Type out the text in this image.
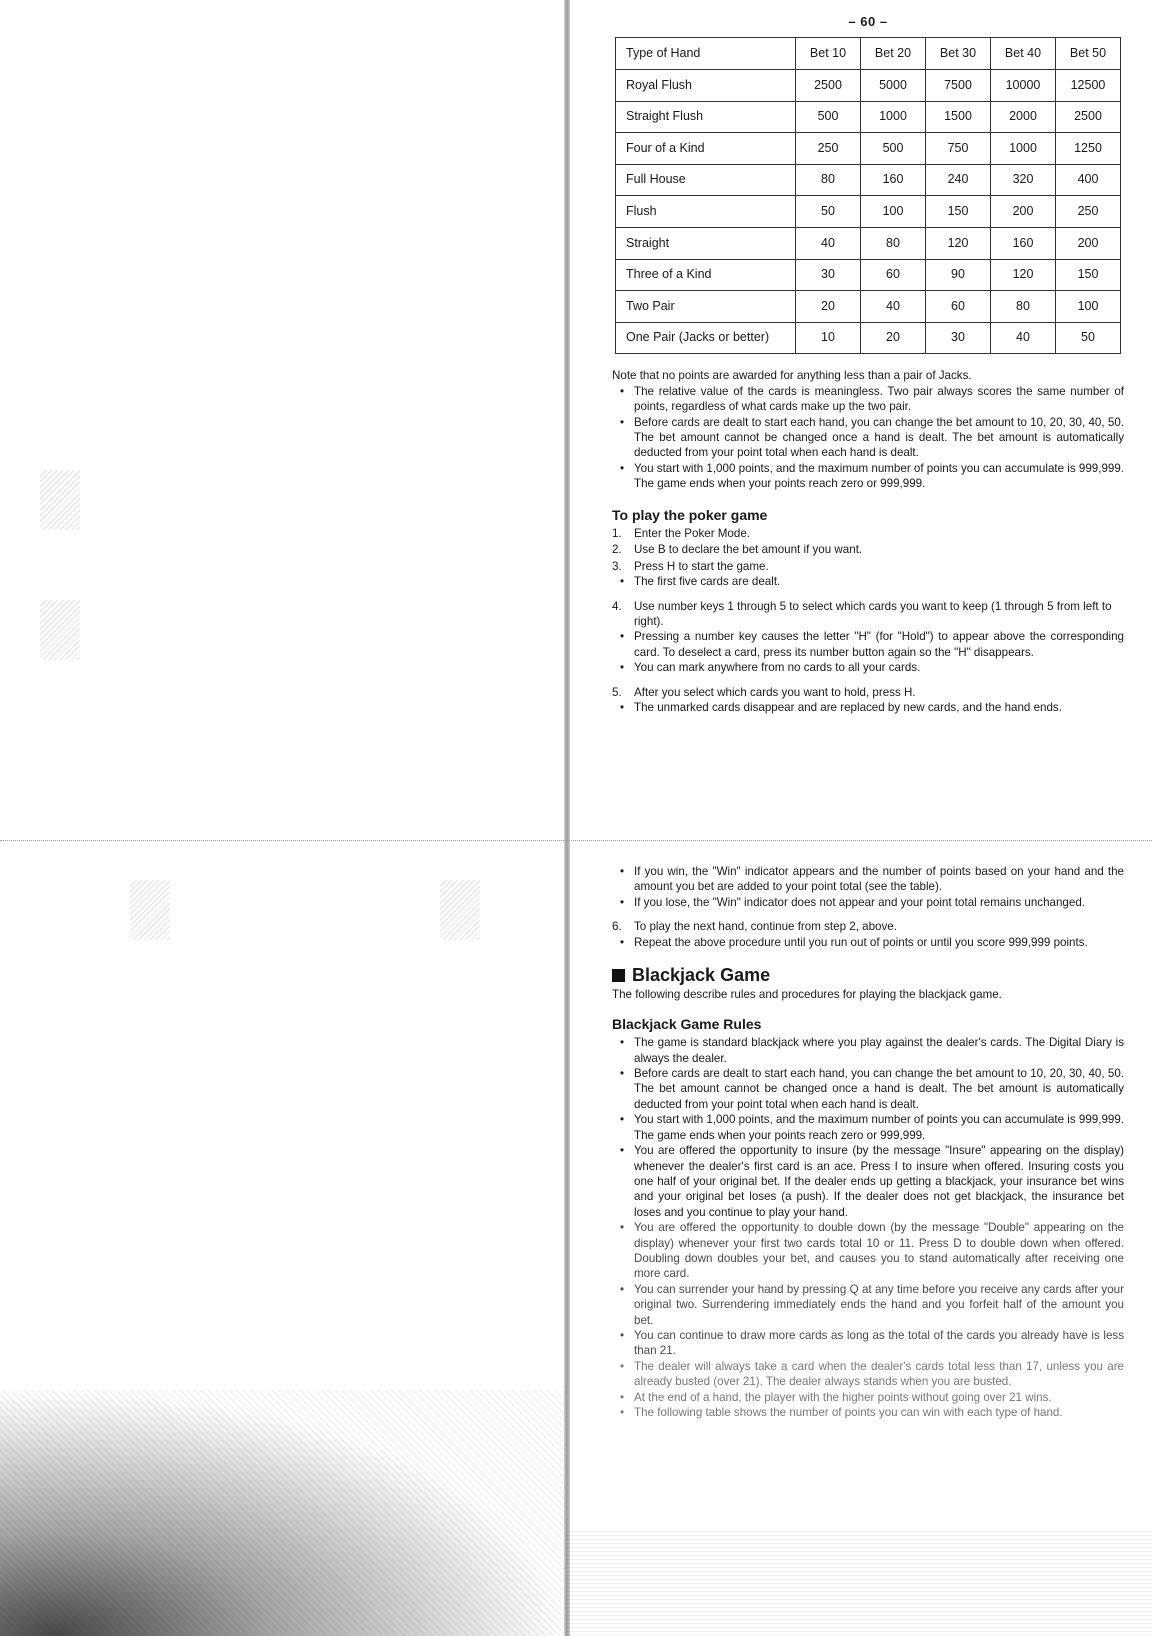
– 60 –
Type of Hand	Bet 10	Bet 20	Bet 30	Bet 40	Bet 50
Royal Flush	2500	5000	7500	10000	12500
Straight Flush	500	1000	1500	2000	2500
Four of a Kind	250	500	750	1000	1250
Full House	80	160	240	320	400
Flush	50	100	150	200	250
Straight	40	80	120	160	200
Three of a Kind	30	60	90	120	150
Two Pair	20	40	60	80	100
One Pair (Jacks or better)	10	20	30	40	50

Note that no points are awarded for anything less than a pair of Jacks.

• The relative value of the cards is meaningless. Two pair always scores the same number of points, regardless of what cards make up the two pair.
• Before cards are dealt to start each hand, you can change the bet amount to 10, 20, 30, 40, 50. The bet amount cannot be changed once a hand is dealt. The bet amount is automatically deducted from your point total when each hand is dealt.
• You start with 1,000 points, and the maximum number of points you can accumulate is 999,999. The game ends when your points reach zero or 999,999.
To play the poker game
1. Enter the Poker Mode.
2. Use B to declare the bet amount if you want.
3. Press H to start the game.
• The first five cards are dealt.
4. Use number keys 1 through 5 to select which cards you want to keep (1 through 5 from left to right).
• Pressing a number key causes the letter "H" (for "Hold") to appear above the corresponding card. To deselect a card, press its number button again so the "H" disappears.
• You can mark anywhere from no cards to all your cards.
5. After you select which cards you want to hold, press H.
• The unmarked cards disappear and are replaced by new cards, and the hand ends.
• If you win, the "Win" indicator appears and the number of points based on your hand and the amount you bet are added to your point total (see the table).
• If you lose, the "Win" indicator does not appear and your point total remains unchanged.
6. To play the next hand, continue from step 2, above.
• Repeat the above procedure until you run out of points or until you score 999,999 points.
Blackjack Game

The following describe rules and procedures for playing the blackjack game.

Blackjack Game Rules
• The game is standard blackjack where you play against the dealer's cards. The Digital Diary is always the dealer.
• Before cards are dealt to start each hand, you can change the bet amount to 10, 20, 30, 40, 50. The bet amount cannot be changed once a hand is dealt. The bet amount is automatically deducted from your point total when each hand is dealt.
• You start with 1,000 points, and the maximum number of points you can accumulate is 999,999. The game ends when your points reach zero or 999,999.
• You are offered the opportunity to insure (by the message "Insure" appearing on the display) whenever the dealer's first card is an ace. Press I to insure when offered. Insuring costs you one half of your original bet. If the dealer ends up getting a blackjack, your insurance bet wins and your original bet loses (a push). If the dealer does not get blackjack, the insurance bet loses and you continue to play your hand.
• You are offered the opportunity to double down (by the message "Double" appearing on the display) whenever your first two cards total 10 or 11. Press D to double down when offered. Doubling down doubles your bet, and causes you to stand automatically after receiving one more card.
• You can surrender your hand by pressing Q at any time before you receive any cards after your original two. Surrendering immediately ends the hand and you forfeit half of the amount you bet.
• You can continue to draw more cards as long as the total of the cards you already have is less than 21.
• The dealer will always take a card when the dealer's cards total less than 17, unless you are already busted (over 21). The dealer always stands when you are busted.
• At the end of a hand, the player with the higher points without going over 21 wins.
• The following table shows the number of points you can win with each type of hand.
